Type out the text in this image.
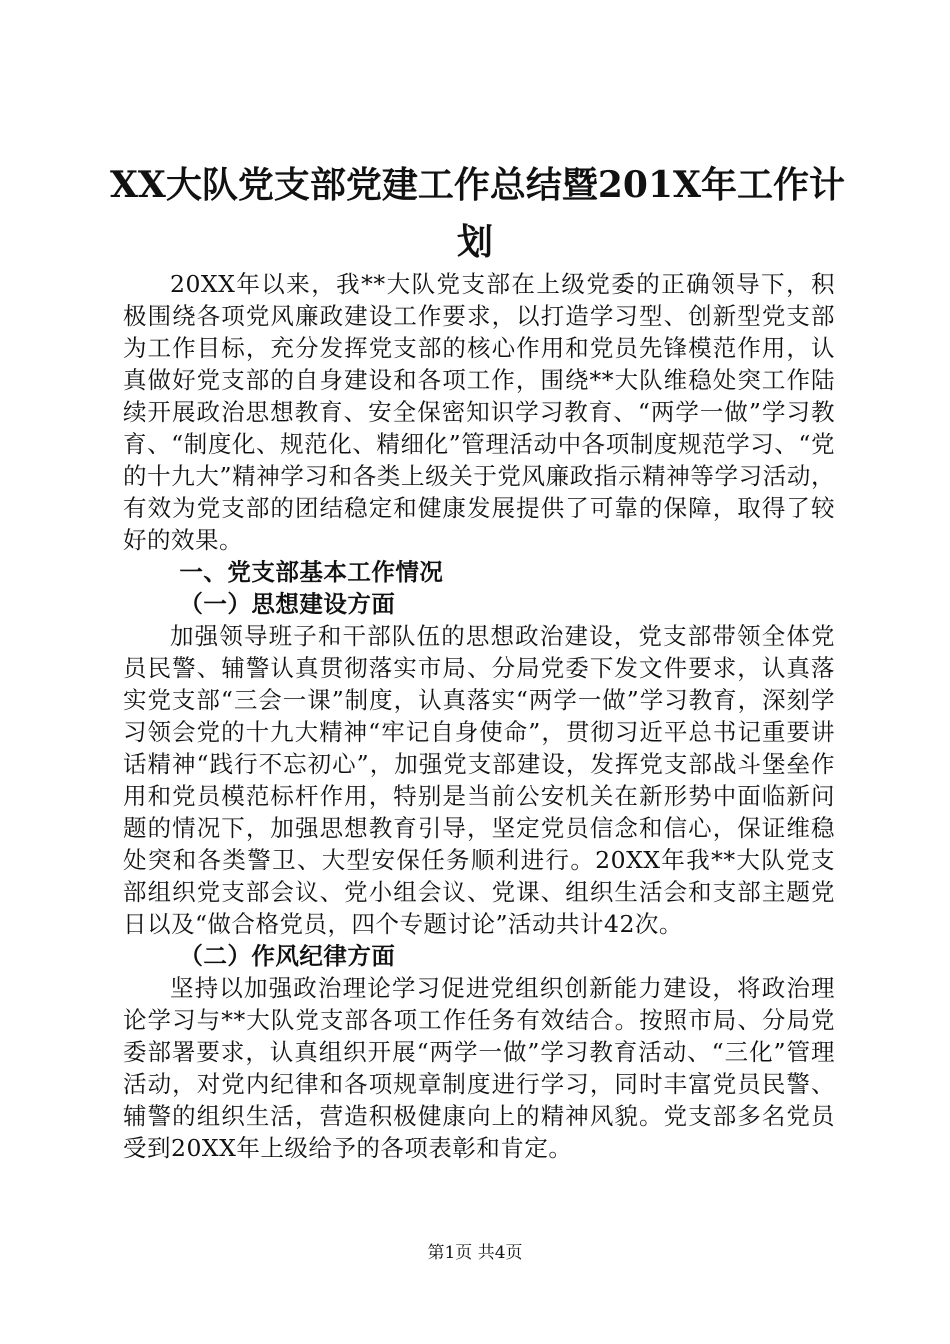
XX大队党支部党建工作总结暨201X年工作计
划

20XX年以来，我**大队党支部在上级党委的正确领导下，积极围绕各项党风廉政建设工作要求，以打造学习型、创新型党支部为工作目标，充分发挥党支部的核心作用和党员先锋模范作用，认真做好党支部的自身建设和各项工作，围绕**大队维稳处突工作陆续开展政治思想教育、安全保密知识学习教育、“两学一做”学习教育、“制度化、规范化、精细化”管理活动中各项制度规范学习、“党的十九大”精神学习和各类上级关于党风廉政指示精神等学习活动，有效为党支部的团结稳定和健康发展提供了可靠的保障，取得了较好的效果。

一、党支部基本工作情况
（一）思想建设方面

加强领导班子和干部队伍的思想政治建设，党支部带领全体党员民警、辅警认真贯彻落实市局、分局党委下发文件要求，认真落实党支部“三会一课”制度，认真落实“两学一做”学习教育，深刻学习领会党的十九大精神“牢记自身使命”，贯彻习近平总书记重要讲话精神“践行不忘初心”，加强党支部建设，发挥党支部战斗堡垒作用和党员模范标杆作用，特别是当前公安机关在新形势中面临新问题的情况下，加强思想教育引导，坚定党员信念和信心，保证维稳处突和各类警卫、大型安保任务顺利进行。20XX年我**大队党支部组织党支部会议、党小组会议、党课、组织生活会和支部主题党日以及“做合格党员，四个专题讨论”活动共计42次。

（二）作风纪律方面

坚持以加强政治理论学习促进党组织创新能力建设，将政治理论学习与**大队党支部各项工作任务有效结合。按照市局、分局党委部署要求，认真组织开展“两学一做”学习教育活动、“三化”管理活动，对党内纪律和各项规章制度进行学习，同时丰富党员民警、辅警的组织生活，营造积极健康向上的精神风貌。党支部多名党员受到20XX年上级给予的各项表彰和肯定。

第1页 共4页
